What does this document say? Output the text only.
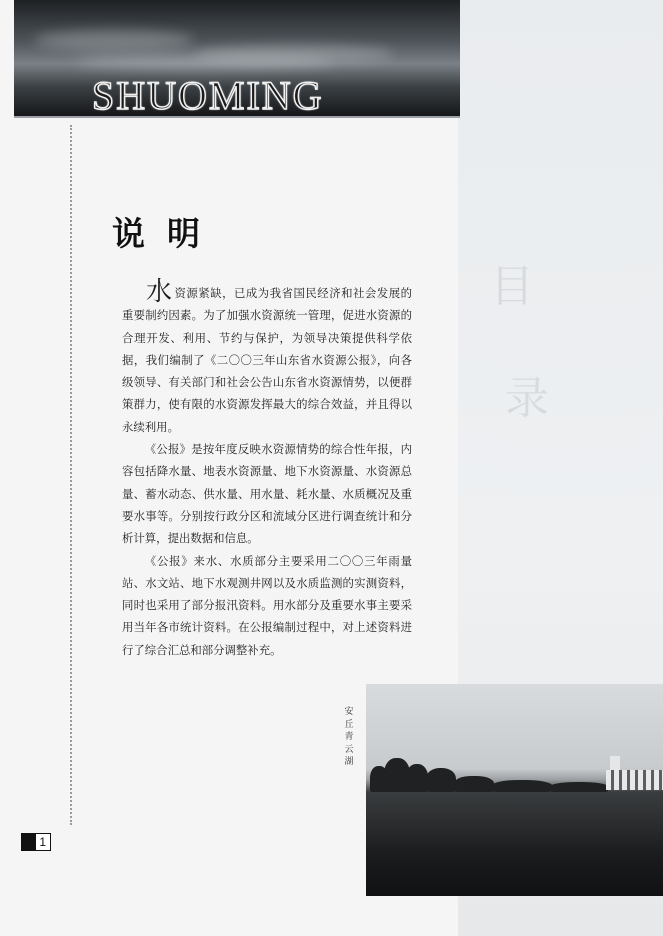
目
录
SHUOMING
说明

水资源紧缺，已成为我省国民经济和社会发展的重要制约因素。为了加强水资源统一管理，促进水资源的合理开发、利用、节约与保护，为领导决策提供科学依据，我们编制了《二〇〇三年山东省水资源公报》，向各级领导、有关部门和社会公告山东省水资源情势，以便群策群力，使有限的水资源发挥最大的综合效益，并且得以永续利用。

《公报》是按年度反映水资源情势的综合性年报，内容包括降水量、地表水资源量、地下水资源量、水资源总量、蓄水动态、供水量、用水量、耗水量、水质概况及重要水事等。分别按行政分区和流域分区进行调查统计和分析计算，提出数据和信息。

《公报》来水、水质部分主要采用二〇〇三年雨量站、水文站、地下水观测井网以及水质监测的实测资料，同时也采用了部分报汛资料。用水部分及重要水事主要采用当年各市统计资料。在公报编制过程中，对上述资料进行了综合汇总和部分调整补充。

安丘青云湖
1
